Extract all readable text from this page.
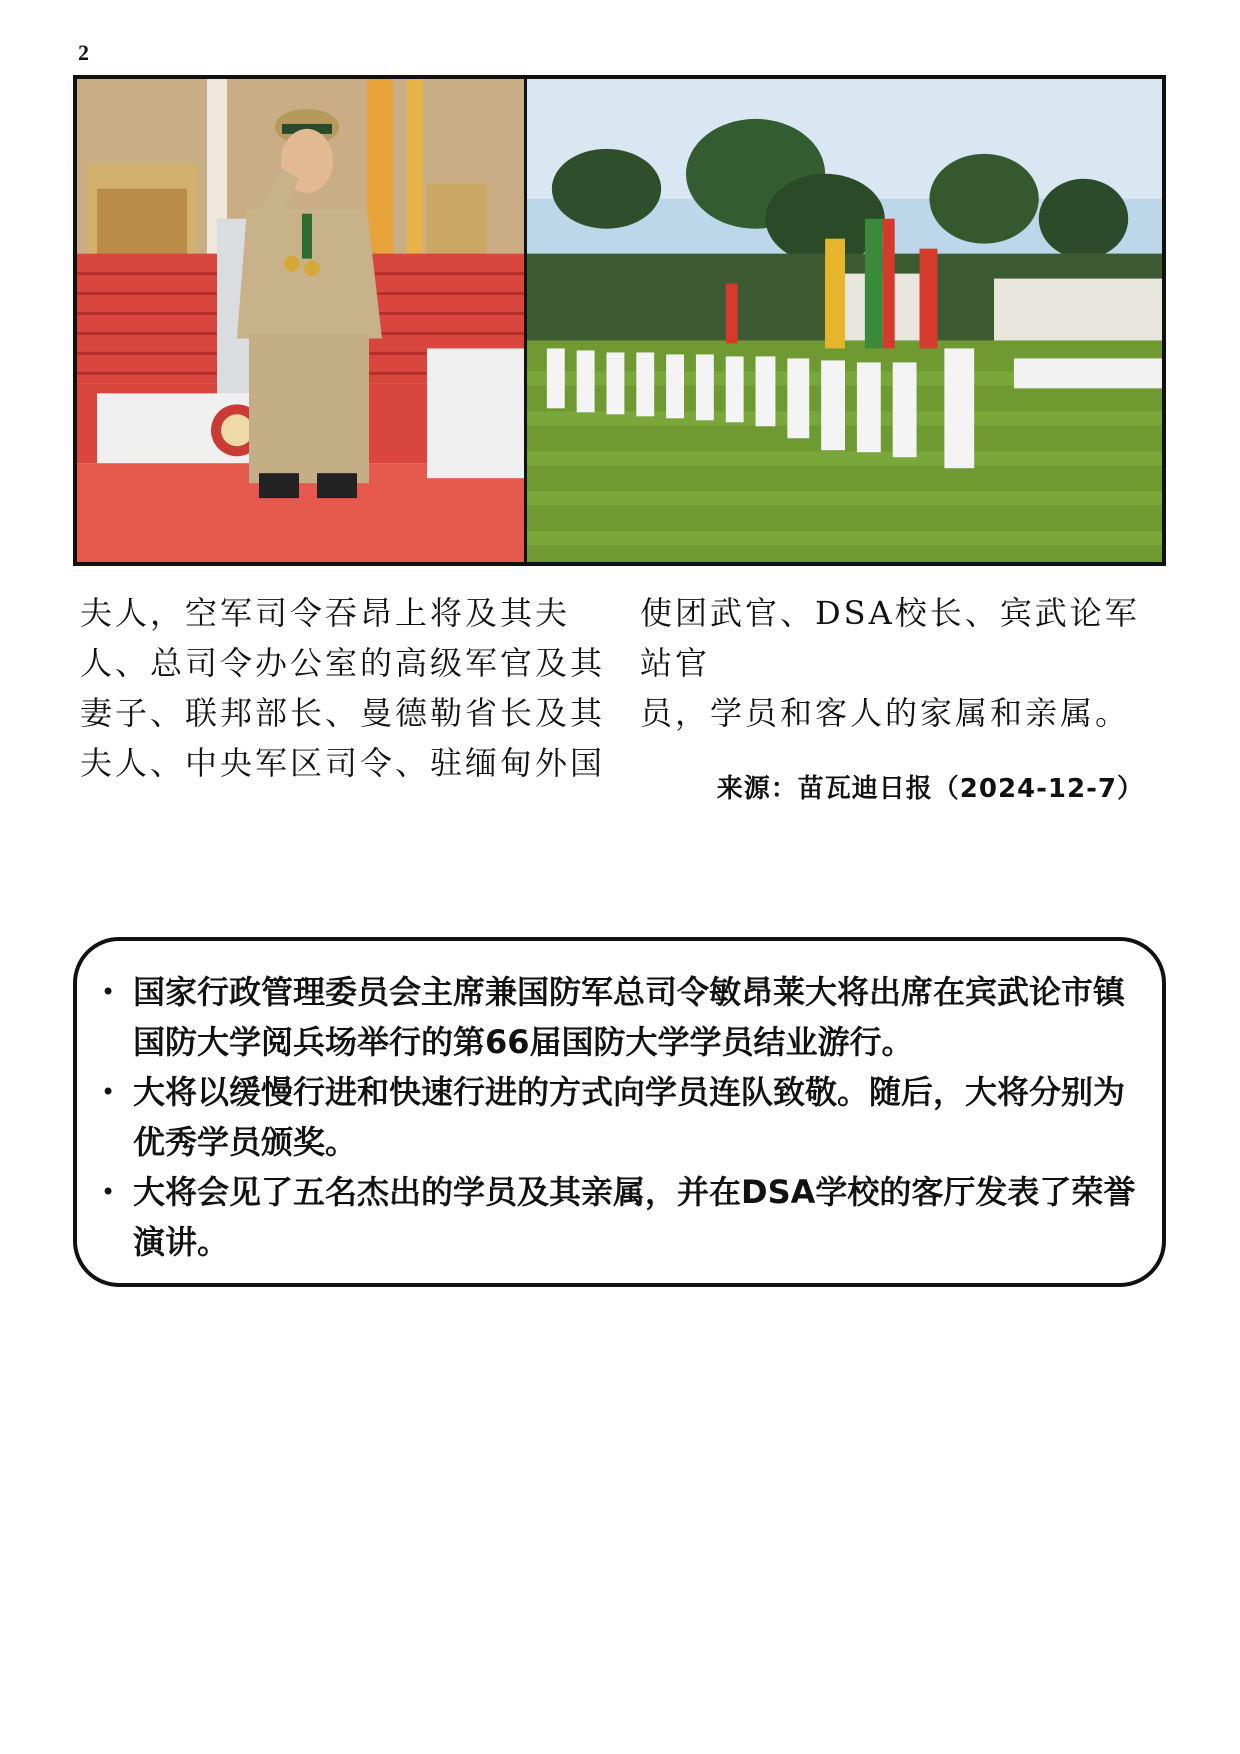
2

夫人，空军司令吞昂上将及其夫

人、总司令办公室的高级军官及其

妻子、联邦部长、曼德勒省长及其

夫人、中央军区司令、驻缅甸外国

使团武官、DSA校长、宾武论军站官

员，学员和客人的家属和亲属。

来源：苗瓦迪日报（2024-12-7）
• 国家行政管理委员会主席兼国防军总司令敏昂莱大将出席在宾武论市镇国防大学阅兵场举行的第66届国防大学学员结业游行。
• 大将以缓慢行进和快速行进的方式向学员连队致敬。随后，大将分别为优秀学员颁奖。
• 大将会见了五名杰出的学员及其亲属，并在DSA学校的客厅发表了荣誉演讲。
